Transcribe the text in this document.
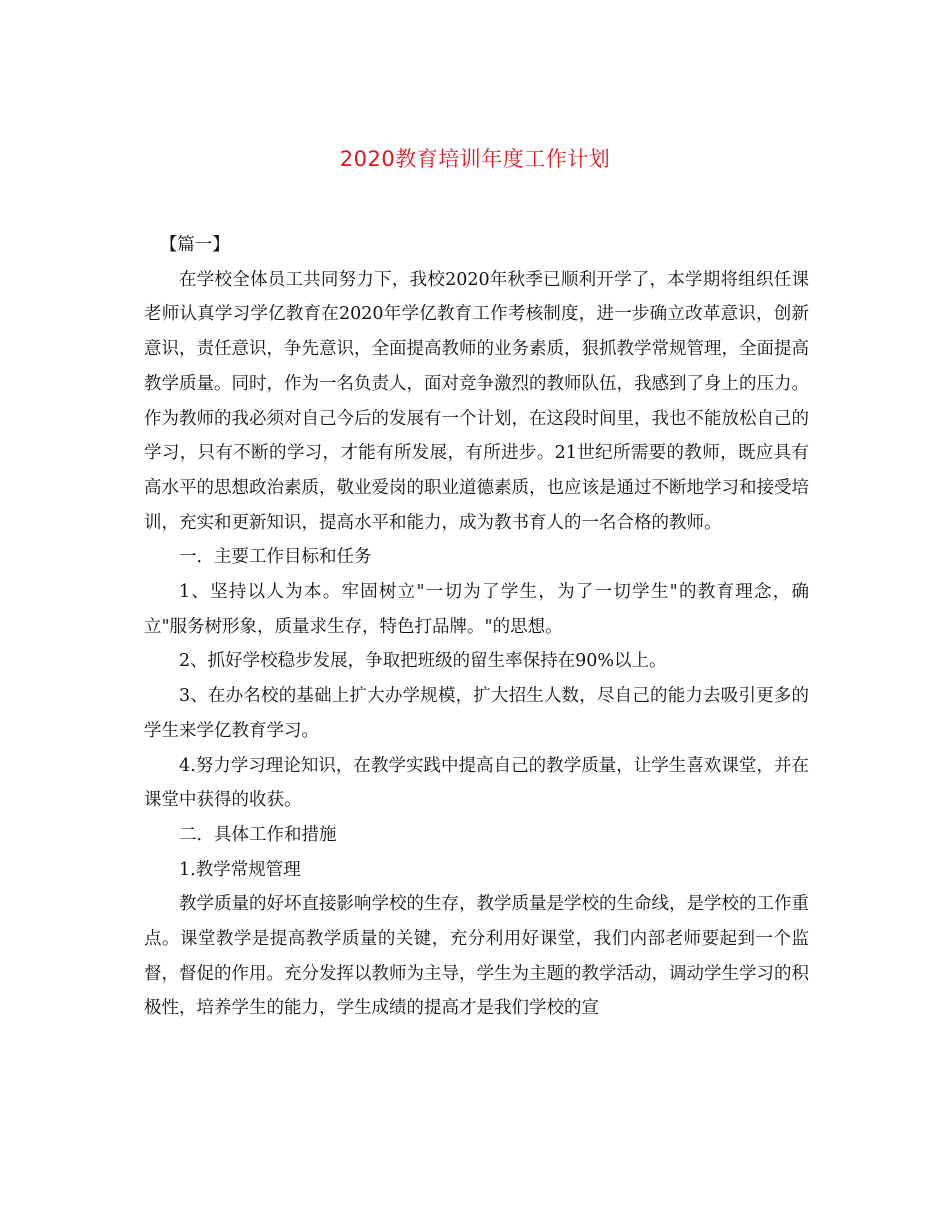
2020教育培训年度工作计划

【篇一】

在学校全体员工共同努力下，我校2020年秋季已顺利开学了，本学期将组织任课老师认真学习学亿教育在2020年学亿教育工作考核制度，进一步确立改革意识，创新意识，责任意识，争先意识，全面提高教师的业务素质，狠抓教学常规管理，全面提高教学质量。同时，作为一名负责人，面对竞争激烈的教师队伍，我感到了身上的压力。作为教师的我必须对自己今后的发展有一个计划，在这段时间里，我也不能放松自己的学习，只有不断的学习，才能有所发展，有所进步。21世纪所需要的教师，既应具有高水平的思想政治素质，敬业爱岗的职业道德素质，也应该是通过不断地学习和接受培训，充实和更新知识，提高水平和能力，成为教书育人的一名合格的教师。

一．主要工作目标和任务

1、坚持以人为本。牢固树立"一切为了学生，为了一切学生"的教育理念，确立"服务树形象，质量求生存，特色打品牌。"的思想。

2、抓好学校稳步发展，争取把班级的留生率保持在90%以上。

3、在办名校的基础上扩大办学规模，扩大招生人数，尽自己的能力去吸引更多的学生来学亿教育学习。

4.努力学习理论知识，在教学实践中提高自己的教学质量，让学生喜欢课堂，并在课堂中获得的收获。

二．具体工作和措施

1.教学常规管理

教学质量的好坏直接影响学校的生存，教学质量是学校的生命线，是学校的工作重点。课堂教学是提高教学质量的关键，充分利用好课堂，我们内部老师要起到一个监督，督促的作用。充分发挥以教师为主导，学生为主题的教学活动，调动学生学习的积极性，培养学生的能力，学生成绩的提高才是我们学校的宣
